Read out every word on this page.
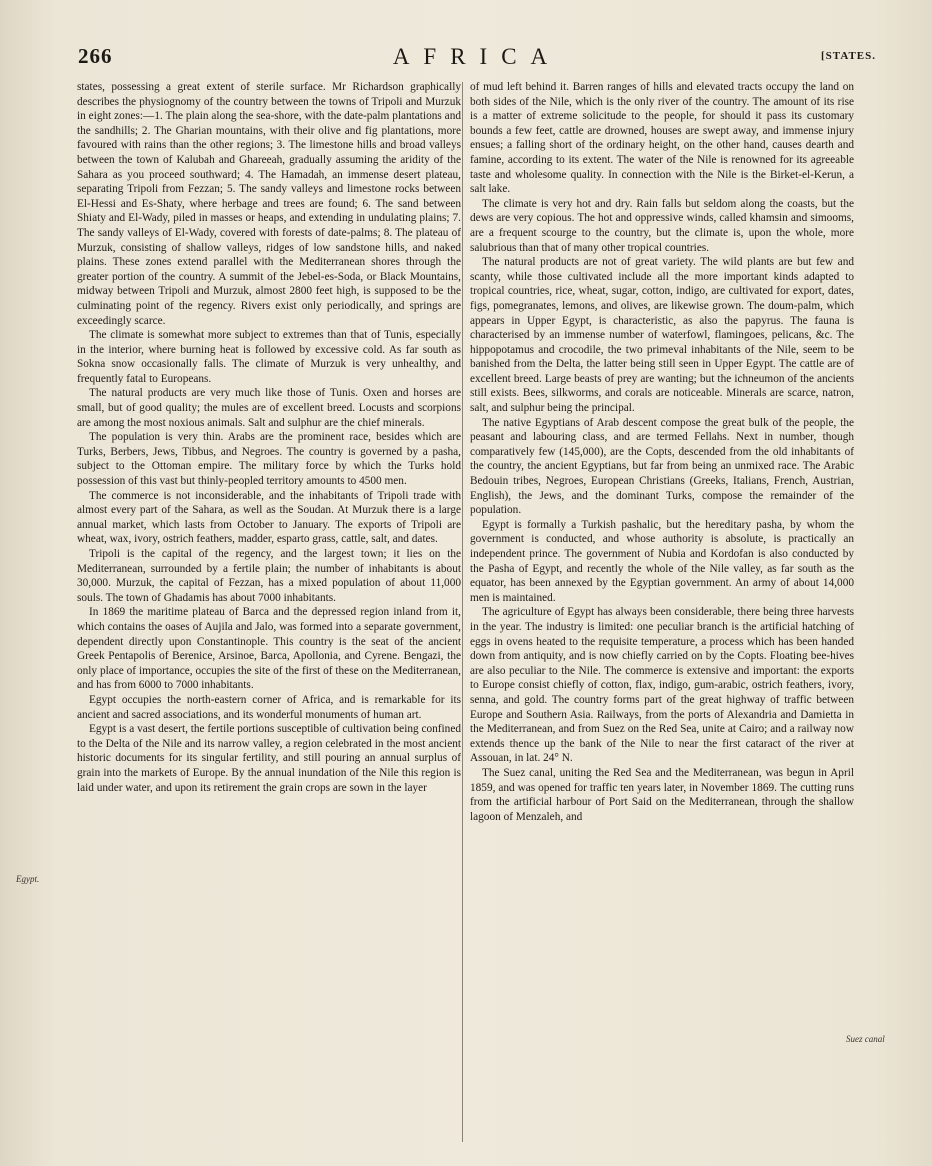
266	AFRICA	[STATES.

states, possessing a great extent of sterile surface. Mr Richardson graphically describes the physiognomy of the country between the towns of Tripoli and Murzuk in eight zones:—1. The plain along the sea-shore, with the date-palm plantations and the sandhills; 2. The Gharian mountains, with their olive and fig plantations, more favoured with rains than the other regions; 3. The limestone hills and broad valleys between the town of Kalubah and Ghareeah, gradually assuming the aridity of the Sahara as you proceed southward; 4. The Hamadah, an immense desert plateau, separating Tripoli from Fezzan; 5. The sandy valleys and limestone rocks between El-Hessi and Es-Shaty, where herbage and trees are found; 6. The sand between Shiaty and El-Wady, piled in masses or heaps, and extending in undulating plains; 7. The sandy valleys of El-Wady, covered with forests of date-palms; 8. The plateau of Murzuk, consisting of shallow valleys, ridges of low sandstone hills, and naked plains. These zones extend parallel with the Mediterranean shores through the greater portion of the country. A summit of the Jebel-es-Soda, or Black Mountains, midway between Tripoli and Murzuk, almost 2800 feet high, is supposed to be the culminating point of the regency. Rivers exist only periodically, and springs are exceedingly scarce.

The climate is somewhat more subject to extremes than that of Tunis, especially in the interior, where burning heat is followed by excessive cold. As far south as Sokna snow occasionally falls. The climate of Murzuk is very unhealthy, and frequently fatal to Europeans.

The natural products are very much like those of Tunis. Oxen and horses are small, but of good quality; the mules are of excellent breed. Locusts and scorpions are among the most noxious animals. Salt and sulphur are the chief minerals.

The population is very thin. Arabs are the prominent race, besides which are Turks, Berbers, Jews, Tibbus, and Negroes. The country is governed by a pasha, subject to the Ottoman empire. The military force by which the Turks hold possession of this vast but thinly-peopled territory amounts to 4500 men.

The commerce is not inconsiderable, and the inhabitants of Tripoli trade with almost every part of the Sahara, as well as the Soudan. At Murzuk there is a large annual market, which lasts from October to January. The exports of Tripoli are wheat, wax, ivory, ostrich feathers, madder, esparto grass, cattle, salt, and dates.

Tripoli is the capital of the regency, and the largest town; it lies on the Mediterranean, surrounded by a fertile plain; the number of inhabitants is about 30,000. Murzuk, the capital of Fezzan, has a mixed population of about 11,000 souls. The town of Ghadamis has about 7000 inhabitants.

In 1869 the maritime plateau of Barca and the depressed region inland from it, which contains the oases of Aujila and Jalo, was formed into a separate government, dependent directly upon Constantinople. This country is the seat of the ancient Greek Pentapolis of Berenice, Arsinoe, Barca, Apollonia, and Cyrene. Bengazi, the only place of importance, occupies the site of the first of these on the Mediterranean, and has from 6000 to 7000 inhabitants.

Egypt occupies the north-eastern corner of Africa, and is remarkable for its ancient and sacred associations, and its wonderful monuments of human art.

Egypt is a vast desert, the fertile portions susceptible of cultivation being confined to the Delta of the Nile and its narrow valley, a region celebrated in the most ancient historic documents for its singular fertility, and still pouring an annual surplus of grain into the markets of Europe. By the annual inundation of the Nile this region is laid under water, and upon its retirement the grain crops are sown in the layer

of mud left behind it. Barren ranges of hills and elevated tracts occupy the land on both sides of the Nile, which is the only river of the country. The amount of its rise is a matter of extreme solicitude to the people, for should it pass its customary bounds a few feet, cattle are drowned, houses are swept away, and immense injury ensues; a falling short of the ordinary height, on the other hand, causes dearth and famine, according to its extent. The water of the Nile is renowned for its agreeable taste and wholesome quality. In connection with the Nile is the Birket-el-Kerun, a salt lake.

The climate is very hot and dry. Rain falls but seldom along the coasts, but the dews are very copious. The hot and oppressive winds, called khamsin and simooms, are a frequent scourge to the country, but the climate is, upon the whole, more salubrious than that of many other tropical countries.

The natural products are not of great variety. The wild plants are but few and scanty, while those cultivated include all the more important kinds adapted to tropical countries, rice, wheat, sugar, cotton, indigo, are cultivated for export, dates, figs, pomegranates, lemons, and olives, are likewise grown. The doum-palm, which appears in Upper Egypt, is characteristic, as also the papyrus. The fauna is characterised by an immense number of waterfowl, flamingoes, pelicans, &c. The hippopotamus and crocodile, the two primeval inhabitants of the Nile, seem to be banished from the Delta, the latter being still seen in Upper Egypt. The cattle are of excellent breed. Large beasts of prey are wanting; but the ichneumon of the ancients still exists. Bees, silkworms, and corals are noticeable. Minerals are scarce, natron, salt, and sulphur being the principal.

The native Egyptians of Arab descent compose the great bulk of the people, the peasant and labouring class, and are termed Fellahs. Next in number, though comparatively few (145,000), are the Copts, descended from the old inhabitants of the country, the ancient Egyptians, but far from being an unmixed race. The Arabic Bedouin tribes, Negroes, European Christians (Greeks, Italians, French, Austrian, English), the Jews, and the dominant Turks, compose the remainder of the population.

Egypt is formally a Turkish pashalic, but the hereditary pasha, by whom the government is conducted, and whose authority is absolute, is practically an independent prince. The government of Nubia and Kordofan is also conducted by the Pasha of Egypt, and recently the whole of the Nile valley, as far south as the equator, has been annexed by the Egyptian government. An army of about 14,000 men is maintained.

The agriculture of Egypt has always been considerable, there being three harvests in the year. The industry is limited: one peculiar branch is the artificial hatching of eggs in ovens heated to the requisite temperature, a process which has been handed down from antiquity, and is now chiefly carried on by the Copts. Floating bee-hives are also peculiar to the Nile. The commerce is extensive and important: the exports to Europe consist chiefly of cotton, flax, indigo, gum-arabic, ostrich feathers, ivory, senna, and gold. The country forms part of the great highway of traffic between Europe and Southern Asia. Railways, from the ports of Alexandria and Damietta in the Mediterranean, and from Suez on the Red Sea, unite at Cairo; and a railway now extends thence up the bank of the Nile to near the first cataract of the river at Assouan, in lat. 24° N.

The Suez canal, uniting the Red Sea and the Mediterranean, was begun in April 1859, and was opened for traffic ten years later, in November 1869. The cutting runs from the artificial harbour of Port Said on the Mediterranean, through the shallow lagoon of Menzaleh, and

Egypt.
Suez canal
